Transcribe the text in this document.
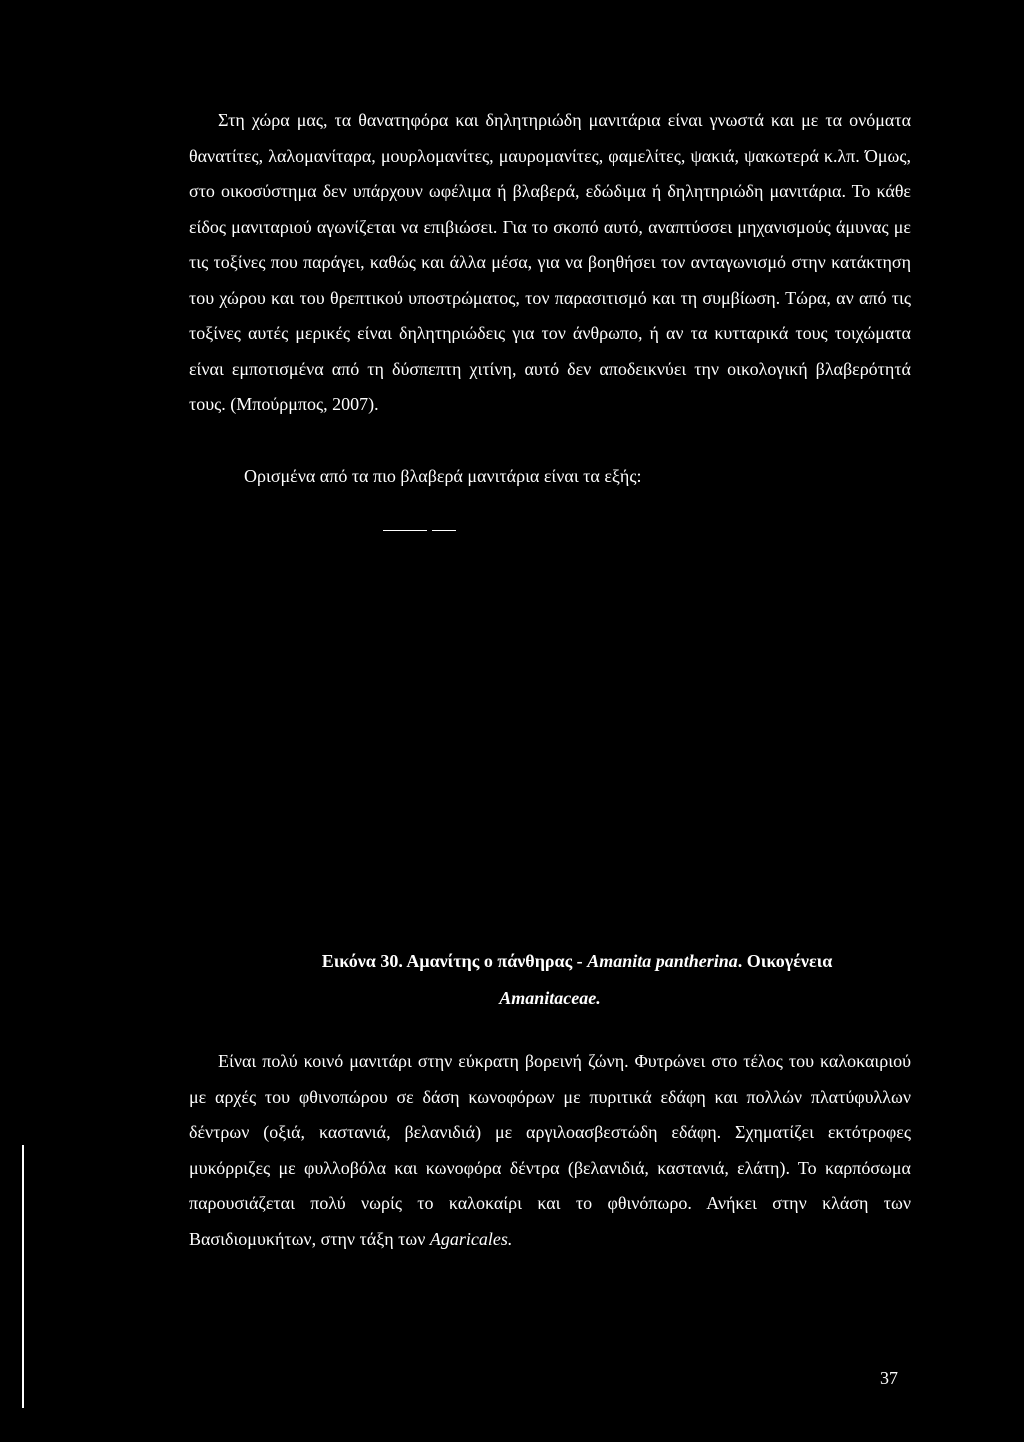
Στη χώρα μας, τα θανατηφόρα και δηλητηριώδη μανιτάρια είναι γνωστά και με τα ονόματα θανατίτες, λαλομανίταρα, μουρλομανίτες, μαυρομανίτες, φαμελίτες, ψακιά, ψακωτερά κ.λπ. Όμως, στο οικοσύστημα δεν υπάρχουν ωφέλιμα ή βλαβερά, εδώδιμα ή δηλητηριώδη μανιτάρια. Το κάθε είδος μανιταριού αγωνίζεται να επιβιώσει. Για το σκοπό αυτό, αναπτύσσει μηχανισμούς άμυνας με τις τοξίνες που παράγει, καθώς και άλλα μέσα, για να βοηθήσει τον ανταγωνισμό στην κατάκτηση του χώρου και του θρεπτικού υποστρώματος, τον παρασιτισμό και τη συμβίωση. Τώρα, αν από τις τοξίνες αυτές μερικές είναι δηλητηριώδεις για τον άνθρωπο, ή αν τα κυτταρικά τους τοιχώματα είναι εμποτισμένα από τη δύσπεπτη χιτίνη, αυτό δεν αποδεικνύει την οικολογική βλαβερότητά τους. (Μπούρμπος, 2007).

Ορισμένα από τα πιο βλαβερά μανιτάρια είναι τα εξής:

Εικόνα 30. Αμανίτης ο πάνθηρας - Amanita pantherina. Οικογένεια
Amanitaceae.

Είναι πολύ κοινό μανιτάρι στην εύκρατη βορεινή ζώνη. Φυτρώνει στο τέλος του καλοκαιριού με αρχές του φθινοπώρου σε δάση κωνοφόρων με πυριτικά εδάφη και πολλών πλατύφυλλων δέντρων (οξιά, καστανιά, βελανιδιά) με αργιλοασβεστώδη εδάφη. Σχηματίζει εκτότροφες μυκόρριζες με φυλλοβόλα και κωνοφόρα δέντρα (βελανιδιά, καστανιά, ελάτη). Το καρπόσωμα παρουσιάζεται πολύ νωρίς το καλοκαίρι και το φθινόπωρο. Ανήκει στην κλάση των Βασιδιομυκήτων, στην τάξη των Agaricales.

37
